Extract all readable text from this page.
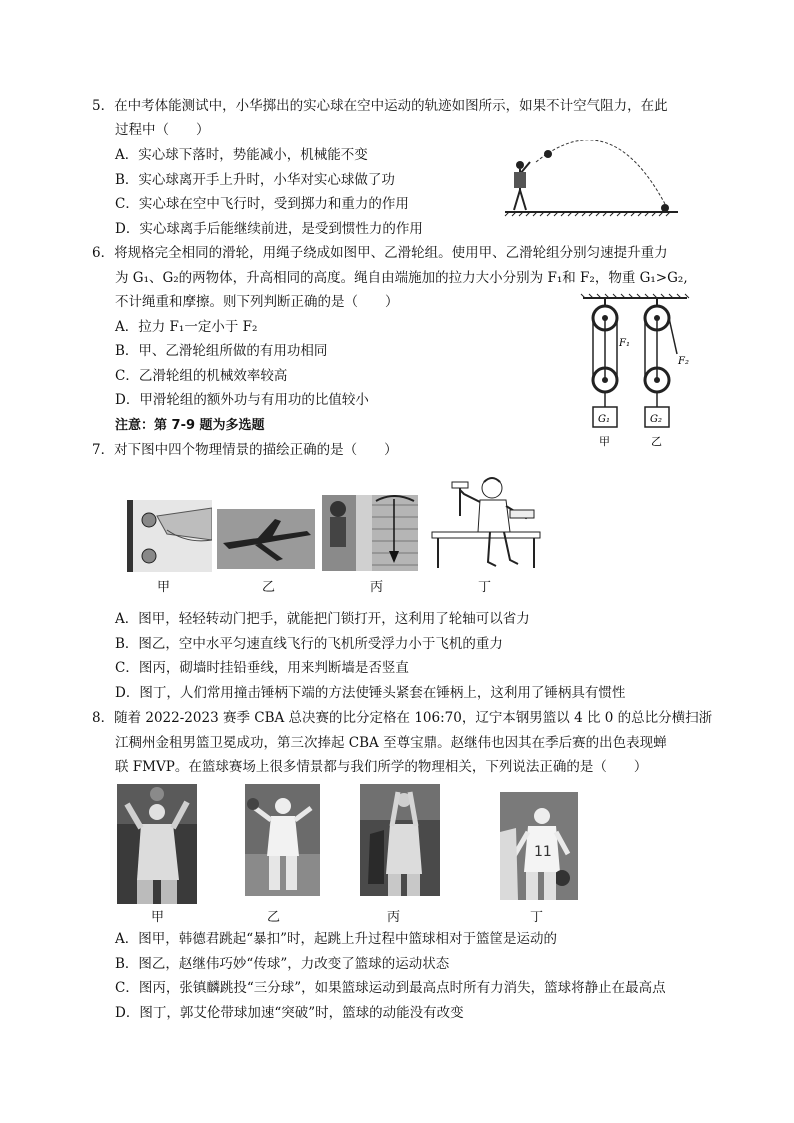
5．在中考体能测试中，小华掷出的实心球在空中运动的轨迹如图所示，如果不计空气阻力，在此
过程中（　　）
A．实心球下落时，势能减小，机械能不变
B．实心球离开手上升时，小华对实心球做了功
C．实心球在空中飞行时，受到掷力和重力的作用
D．实心球离手后能继续前进，是受到惯性力的作用
6．将规格完全相同的滑轮，用绳子绕成如图甲、乙滑轮组。使用甲、乙滑轮组分别匀速提升重力
为 G₁、G₂的两物体，升高相同的高度。绳自由端施加的拉力大小分别为 F₁和 F₂，物重 G₁>G₂,
不计绳重和摩擦。则下列判断正确的是（　　）
A．拉力 F₁一定小于 F₂
B．甲、乙滑轮组所做的有用功相同
C．乙滑轮组的机械效率较高
D．甲滑轮组的额外功与有用功的比值较小
G₁
F₁
G₂
F₂
甲	乙
注意：第 7-9 题为多选题
7．对下图中四个物理情景的描绘正确的是（　　）
甲	乙	丙	丁
A．图甲，轻轻转动门把手，就能把门锁打开，这利用了轮轴可以省力
B．图乙，空中水平匀速直线飞行的飞机所受浮力小于飞机的重力
C．图丙，砌墙时挂铅垂线，用来判断墙是否竖直
D．图丁，人们常用撞击锤柄下端的方法使锤头紧套在锤柄上，这利用了锤柄具有惯性
8．随着 2022-2023 赛季 CBA 总决赛的比分定格在 106:70，辽宁本钢男篮以 4 比 0 的总比分横扫浙
江稠州金租男篮卫冕成功，第三次捧起 CBA 至尊宝鼎。赵继伟也因其在季后赛的出色表现蝉
联 FMVP。在篮球赛场上很多情景都与我们所学的物理相关，下列说法正确的是（　　）
11
甲	乙	丙	丁
A．图甲，韩德君跳起“暴扣”时，起跳上升过程中篮球相对于篮筐是运动的
B．图乙，赵继伟巧妙“传球”，力改变了篮球的运动状态
C．图丙，张镇麟跳投“三分球”，如果篮球运动到最高点时所有力消失，篮球将静止在最高点
D．图丁，郭艾伦带球加速“突破”时，篮球的动能没有改变
